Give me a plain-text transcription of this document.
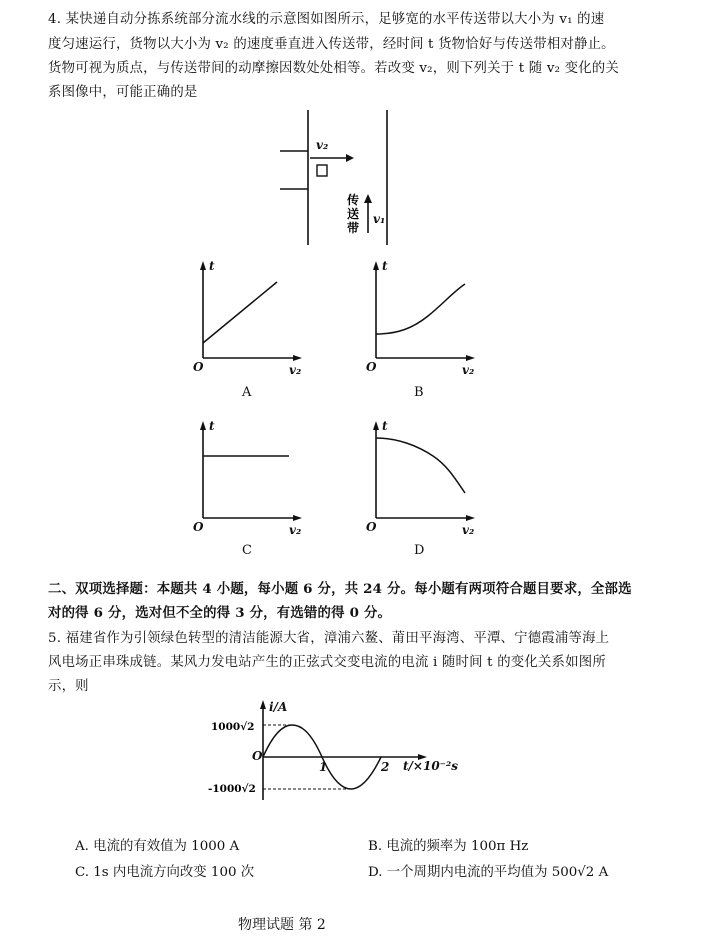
4. 某快递自动分拣系统部分流水线的示意图如图所示，足够宽的水平传送带以大小为 v₁ 的速
度匀速运行，货物以大小为 v₂ 的速度垂直进入传送带，经时间 t 货物恰好与传送带相对静止。
货物可视为质点，与传送带间的动摩擦因数处处相等。若改变 v₂，则下列关于 t 随 v₂ 变化的关
系图像中，可能正确的是
v₂
v₁
传
送
带
t
O	v₂
A
t
O	v₂
B
t
O	v₂
C
t
O	v₂
D
二、双项选择题：本题共 4 小题，每小题 6 分，共 24 分。每小题有两项符合题目要求，全部选
对的得 6 分，选对但不全的得 3 分，有选错的得 0 分。
5. 福建省作为引领绿色转型的清洁能源大省，漳浦六鳌、莆田平海湾、平潭、宁德霞浦等海上
风电场正串珠成链。某风力发电站产生的正弦式交变电流的电流 i 随时间 t 的变化关系如图所
示，则
i/A
1000√2
-1000√2
O
1	2 t/×10⁻²s
A. 电流的有效值为 1000 A	B. 电流的频率为 100π Hz
C. 1s 内电流方向改变 100 次	D. 一个周期内电流的平均值为 500√2 A
物理试题 第 2
